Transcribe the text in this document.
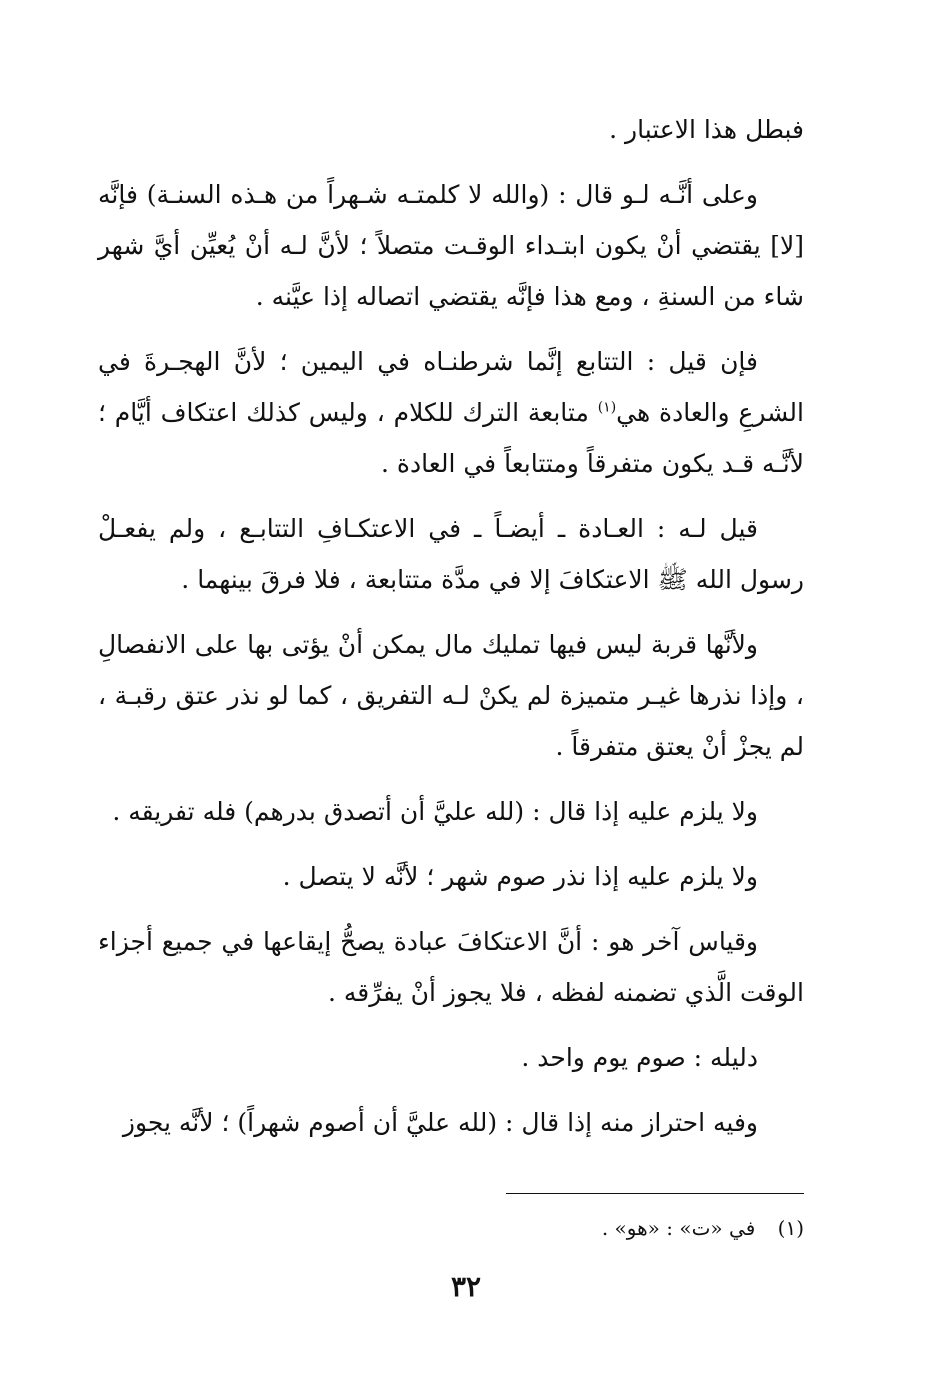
فبطل هذا الاعتبار .

وعلى أنَّـه لـو قال : (والله لا كلمتـه شـهراً من هـذه السنـة) فإنَّه [لا] يقتضي أنْ يكون ابتـداء الوقـت متصلاً ؛ لأنَّ لـه أنْ يُعيِّن أيَّ شهر شاء من السنةِ ، ومع هذا فإنَّه يقتضي اتصاله إذا عيَّنه .

فإن قيل : التتابع إنَّما شرطنـاه في اليمين ؛ لأنَّ الهجـرةَ في الشرعِ والعادة هي$^{(١)}$ متابعة الترك للكلام ، وليس كذلك اعتكاف أيَّام ؛ لأنَّـه قـد يكون متفرقاً ومتتابعاً في العادة .

قيل لـه : العـادة ـ أيضـاً ـ في الاعتكـافِ التتابـع ، ولم يفعـلْ رسول الله ﷺ الاعتكافَ إلا في مدَّة متتابعة ، فلا فرقَ بينهما .

ولأنَّها قربة ليس فيها تمليك مال يمكن أنْ يؤتى بها على الانفصالِ ، وإذا نذرها غيـر متميزة لم يكنْ لـه التفريق ، كما لو نذر عتق رقبـة ، لم يجزْ أنْ يعتق متفرقاً .

ولا يلزم عليه إذا قال : (لله عليَّ أن أتصدق بدرهم) فله تفريقه .

ولا يلزم عليه إذا نذر صوم شهر ؛ لأنَّه لا يتصل .

وقياس آخر هو : أنَّ الاعتكافَ عبادة يصحُّ إيقاعها في جميع أجزاء الوقت الَّذي تضمنه لفظه ، فلا يجوز أنْ يفرِّقه .

دليله : صوم يوم واحد .

وفيه احتراز منه إذا قال : (لله عليَّ أن أصوم شهراً) ؛ لأنَّه يجوز

(١) في «ت» : «هو» .
٣٢
